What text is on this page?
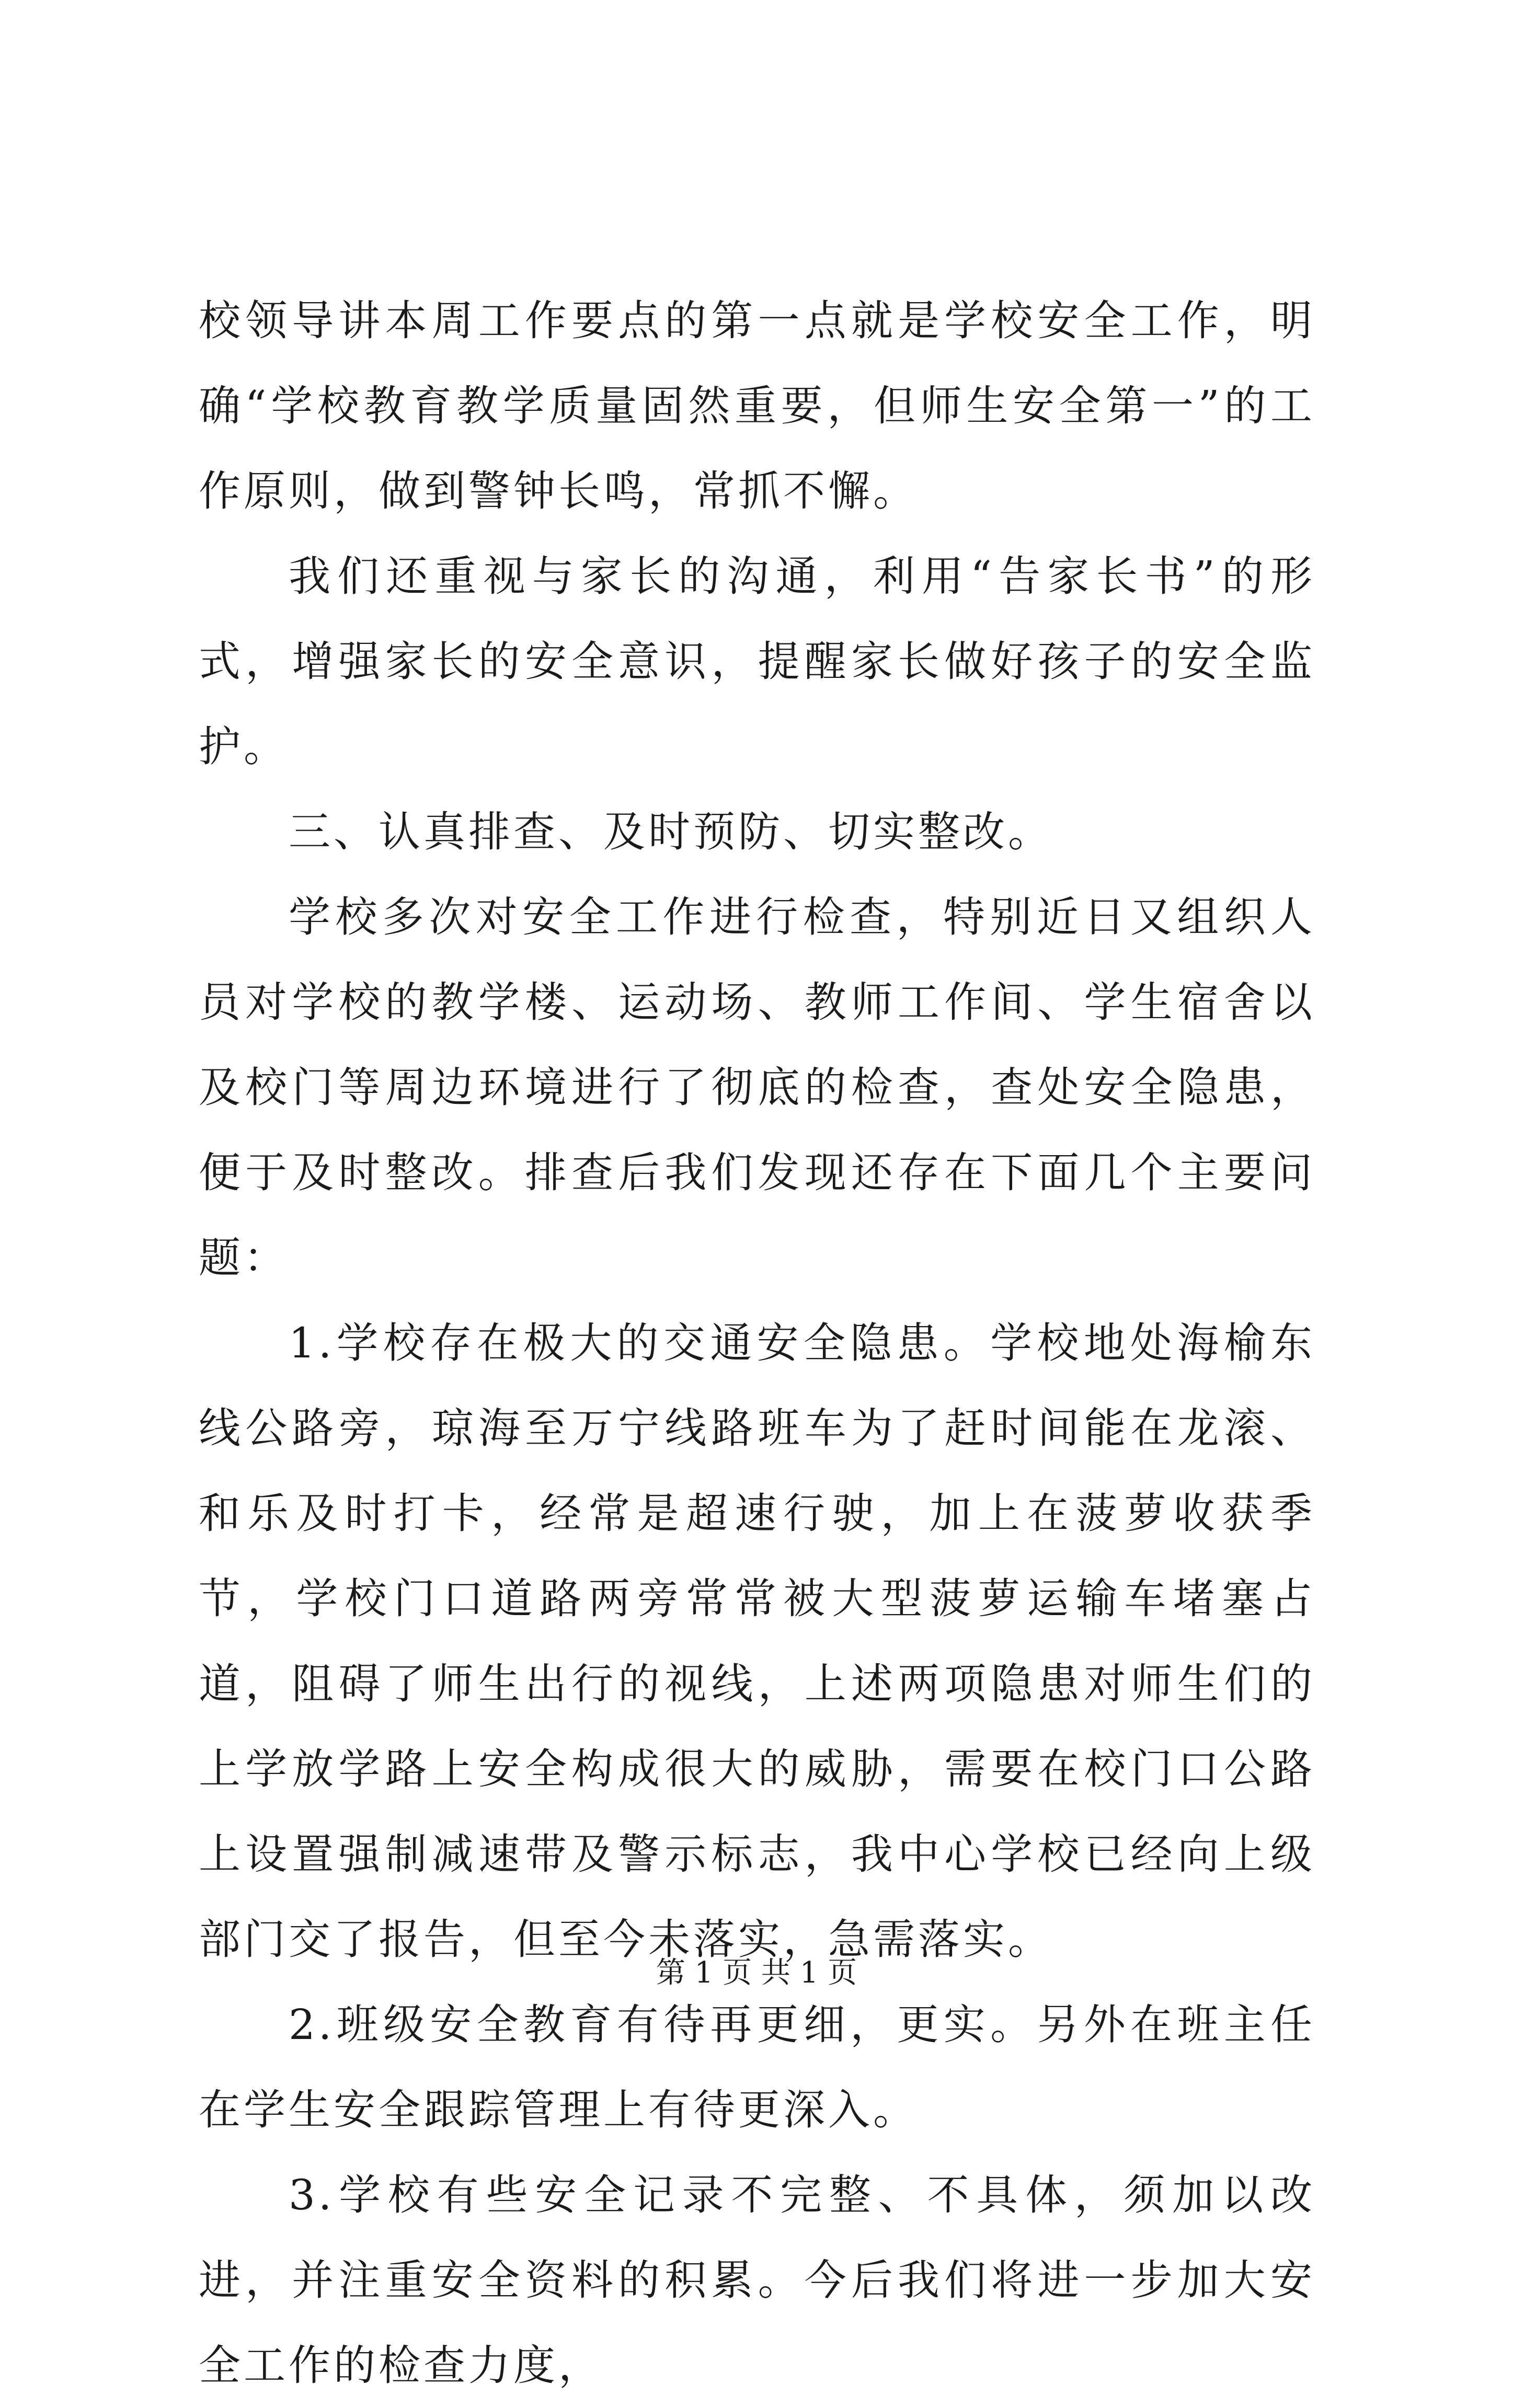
校领导讲本周工作要点的第一点就是学校安全工作，明确“学校教育教学质量固然重要，但师生安全第一”的工作原则，做到警钟长鸣，常抓不懈。

我们还重视与家长的沟通，利用“告家长书”的形式，增强家长的安全意识，提醒家长做好孩子的安全监护。

三、认真排查、及时预防、切实整改。

学校多次对安全工作进行检查，特别近日又组织人员对学校的教学楼、运动场、教师工作间、学生宿舍以及校门等周边环境进行了彻底的检查，查处安全隐患，便于及时整改。排查后我们发现还存在下面几个主要问题：

1.学校存在极大的交通安全隐患。学校地处海榆东线公路旁，琼海至万宁线路班车为了赶时间能在龙滚、和乐及时打卡，经常是超速行驶，加上在菠萝收获季节，学校门口道路两旁常常被大型菠萝运输车堵塞占道，阻碍了师生出行的视线，上述两项隐患对师生们的上学放学路上安全构成很大的威胁，需要在校门口公路上设置强制减速带及警示标志，我中心学校已经向上级部门交了报告，但至今未落实，急需落实。

2.班级安全教育有待再更细，更实。另外在班主任在学生安全跟踪管理上有待更深入。

3.学校有些安全记录不完整、不具体，须加以改进，并注重安全资料的积累。今后我们将进一步加大安全工作的检查力度，

第 1 页 共 1 页
